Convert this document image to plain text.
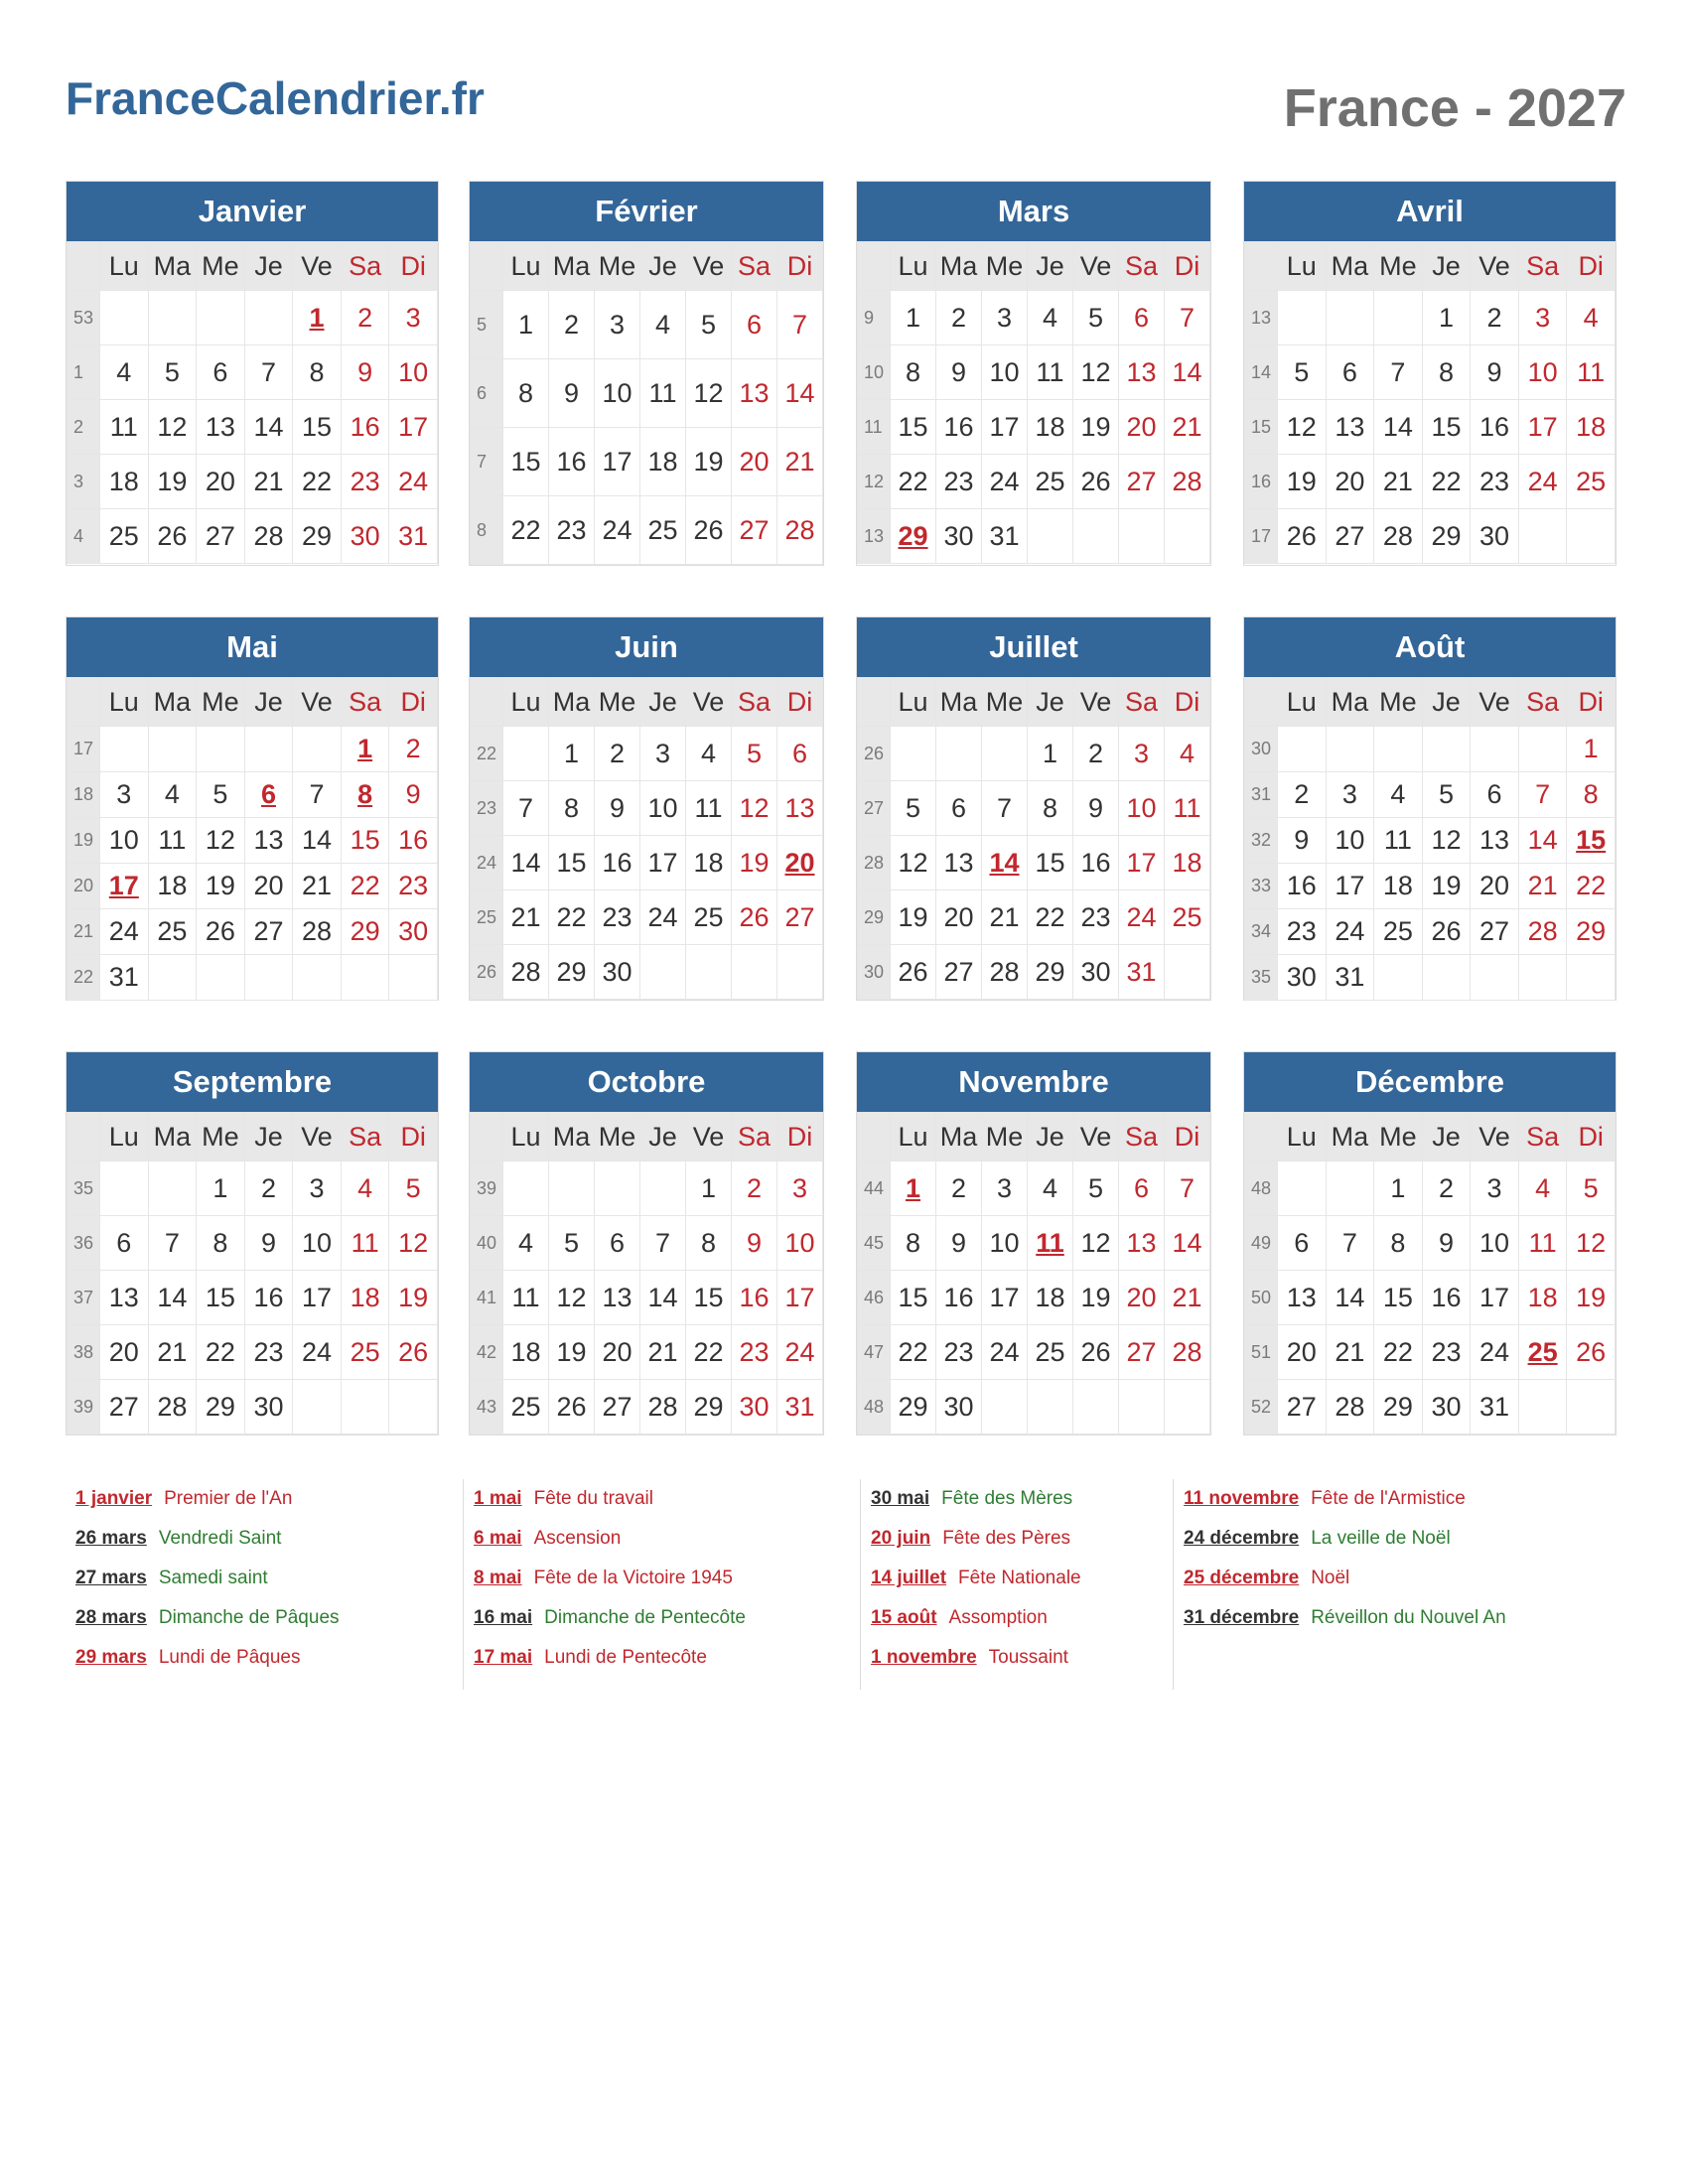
FranceCalendrier.fr	France - 2027
Janvier
	Lu	Ma	Me	Je	Ve	Sa	Di
53					1	2	3
1	4	5	6	7	8	9	10
2	11	12	13	14	15	16	17
3	18	19	20	21	22	23	24
4	25	26	27	28	29	30	31
Février
	Lu	Ma	Me	Je	Ve	Sa	Di
5	1	2	3	4	5	6	7
6	8	9	10	11	12	13	14
7	15	16	17	18	19	20	21
8	22	23	24	25	26	27	28
Mars
	Lu	Ma	Me	Je	Ve	Sa	Di
9	1	2	3	4	5	6	7
10	8	9	10	11	12	13	14
11	15	16	17	18	19	20	21
12	22	23	24	25	26	27	28
13	29	30	31				
Avril
	Lu	Ma	Me	Je	Ve	Sa	Di
13				1	2	3	4
14	5	6	7	8	9	10	11
15	12	13	14	15	16	17	18
16	19	20	21	22	23	24	25
17	26	27	28	29	30		
Mai
	Lu	Ma	Me	Je	Ve	Sa	Di
17						1	2
18	3	4	5	6	7	8	9
19	10	11	12	13	14	15	16
20	17	18	19	20	21	22	23
21	24	25	26	27	28	29	30
22	31						
Juin
	Lu	Ma	Me	Je	Ve	Sa	Di
22		1	2	3	4	5	6
23	7	8	9	10	11	12	13
24	14	15	16	17	18	19	20
25	21	22	23	24	25	26	27
26	28	29	30				
Juillet
	Lu	Ma	Me	Je	Ve	Sa	Di
26				1	2	3	4
27	5	6	7	8	9	10	11
28	12	13	14	15	16	17	18
29	19	20	21	22	23	24	25
30	26	27	28	29	30	31	
Août
	Lu	Ma	Me	Je	Ve	Sa	Di
30							1
31	2	3	4	5	6	7	8
32	9	10	11	12	13	14	15
33	16	17	18	19	20	21	22
34	23	24	25	26	27	28	29
35	30	31					
Septembre
	Lu	Ma	Me	Je	Ve	Sa	Di
35			1	2	3	4	5
36	6	7	8	9	10	11	12
37	13	14	15	16	17	18	19
38	20	21	22	23	24	25	26
39	27	28	29	30			
Octobre
	Lu	Ma	Me	Je	Ve	Sa	Di
39					1	2	3
40	4	5	6	7	8	9	10
41	11	12	13	14	15	16	17
42	18	19	20	21	22	23	24
43	25	26	27	28	29	30	31
Novembre
	Lu	Ma	Me	Je	Ve	Sa	Di
44	1	2	3	4	5	6	7
45	8	9	10	11	12	13	14
46	15	16	17	18	19	20	21
47	22	23	24	25	26	27	28
48	29	30					
Décembre
	Lu	Ma	Me	Je	Ve	Sa	Di
48			1	2	3	4	5
49	6	7	8	9	10	11	12
50	13	14	15	16	17	18	19
51	20	21	22	23	24	25	26
52	27	28	29	30	31		
1 janvier Premier de l'An
26 mars Vendredi Saint
27 mars Samedi saint
28 mars Dimanche de Pâques
29 mars Lundi de Pâques
1 mai Fête du travail
6 mai Ascension
8 mai Fête de la Victoire 1945
16 mai Dimanche de Pentecôte
17 mai Lundi de Pentecôte
30 mai Fête des Mères
20 juin Fête des Pères
14 juillet Fête Nationale
15 août Assomption
1 novembre Toussaint
11 novembre Fête de l'Armistice
24 décembre La veille de Noël
25 décembre Noël
31 décembre Réveillon du Nouvel An
